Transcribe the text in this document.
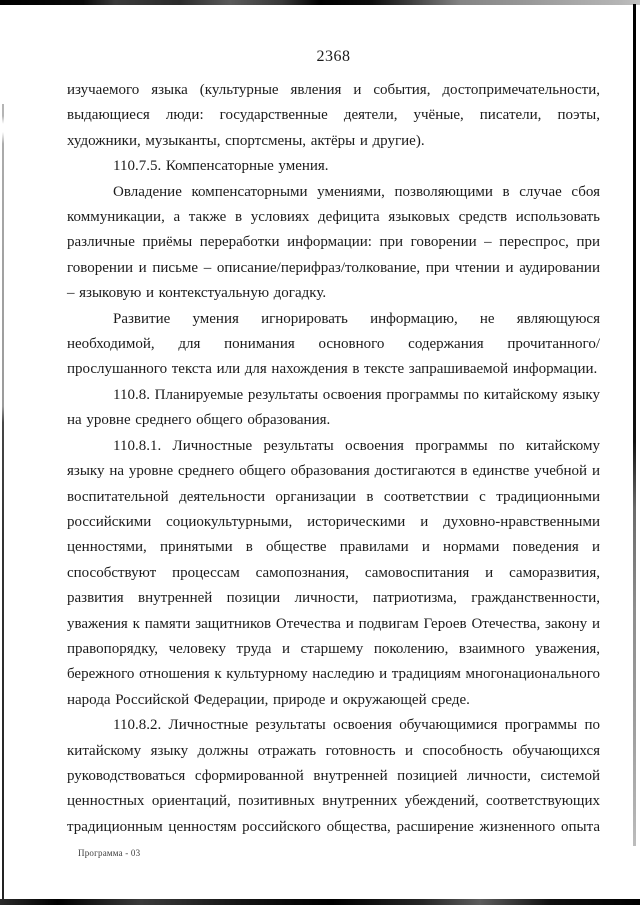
2368

изучаемого языка (культурные явления и события, достопримечательности, выдающиеся люди: государственные деятели, учёные, писатели, поэты, художники, музыканты, спортсмены, актёры и другие).

110.7.5. Компенсаторные умения.

Овладение компенсаторными умениями, позволяющими в случае сбоя коммуникации, а также в условиях дефицита языковых средств использовать различные приёмы переработки информации: при говорении – переспрос, при говорении и письме – описание/перифраз/толкование, при чтении и аудировании – языковую и контекстуальную догадку.

Развитие умения игнорировать информацию, не являющуюся необходимой, для понимания основного содержания прочитанного/прослушанного текста или для нахождения в тексте запрашиваемой информации.

110.8. Планируемые результаты освоения программы по китайскому языку на уровне среднего общего образования.

110.8.1. Личностные результаты освоения программы по китайскому языку на уровне среднего общего образования достигаются в единстве учебной и воспитательной деятельности организации в соответствии с традиционными российскими социокультурными, историческими и духовно-нравственными ценностями, принятыми в обществе правилами и нормами поведения и способствуют процессам самопознания, самовоспитания и саморазвития, развития внутренней позиции личности, патриотизма, гражданственности, уважения к памяти защитников Отечества и подвигам Героев Отечества, закону и правопорядку, человеку труда и старшему поколению, взаимного уважения, бережного отношения к культурному наследию и традициям многонационального народа Российской Федерации, природе и окружающей среде.

110.8.2. Личностные результаты освоения обучающимися программы по китайскому языку должны отражать готовность и способность обучающихся руководствоваться сформированной внутренней позицией личности, системой ценностных ориентаций, позитивных внутренних убеждений, соответствующих традиционным ценностям российского общества, расширение жизненного опыта

Программа - 03
